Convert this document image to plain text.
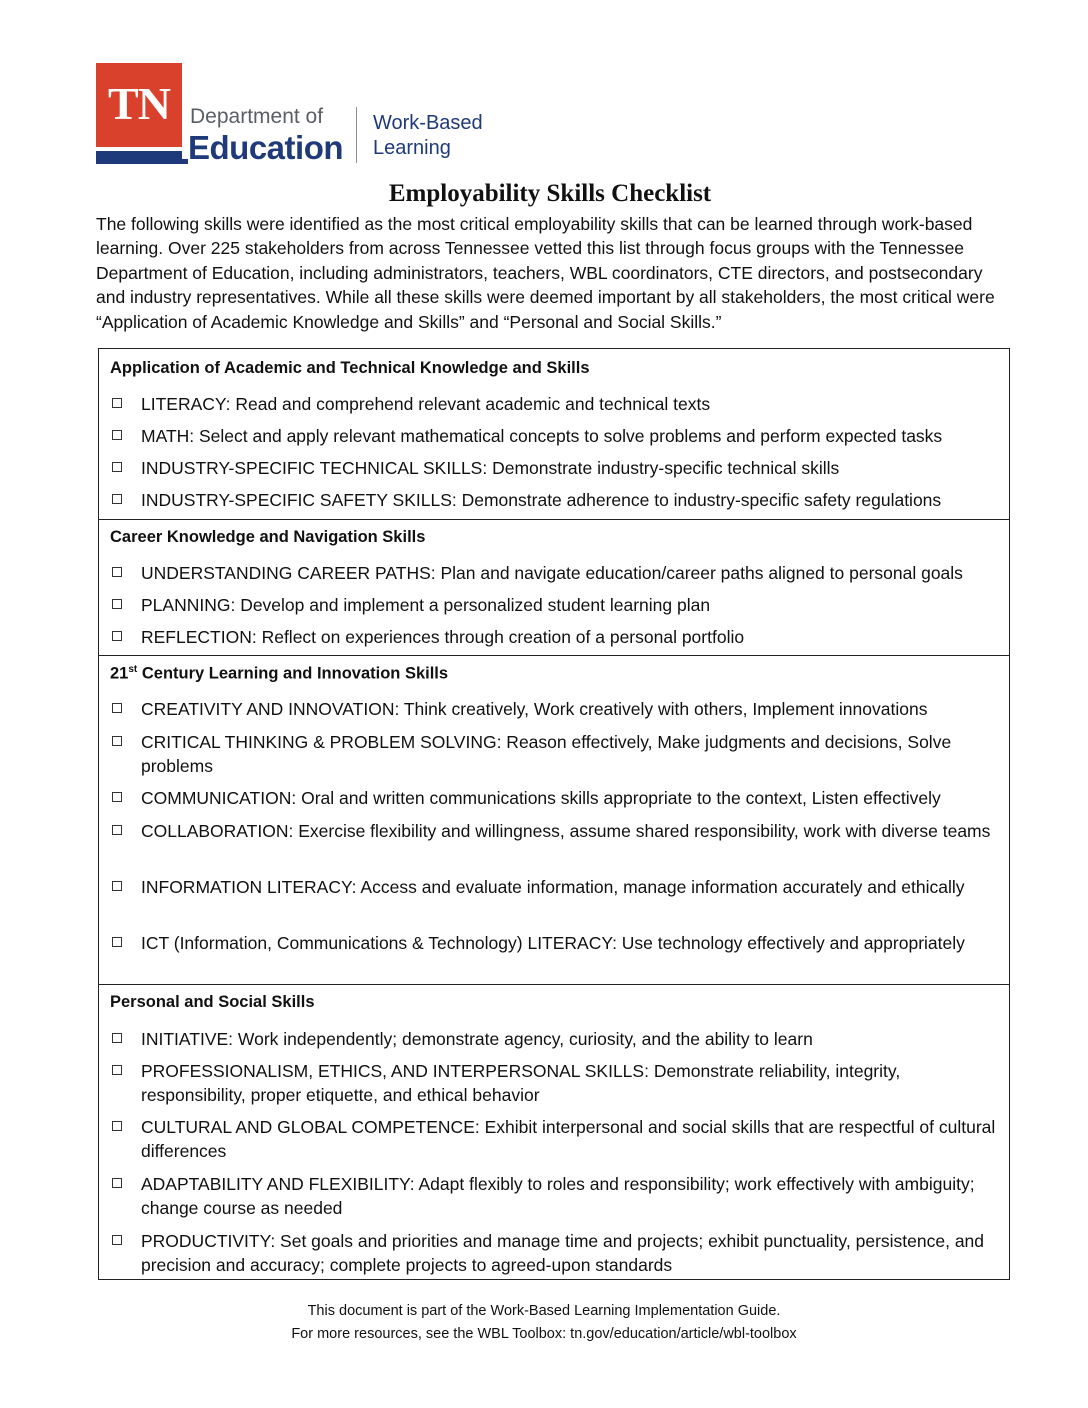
TN Department of
Education
Work-Based
Learning
Employability Skills Checklist
The following skills were identified as the most critical employability skills that can be learned through work-based learning. Over 225 stakeholders from across Tennessee vetted this list through focus groups with the Tennessee Department of Education, including administrators, teachers, WBL coordinators, CTE directors, and postsecondary and industry representatives. While all these skills were deemed important by all stakeholders, the most critical were “Application of Academic Knowledge and Skills” and “Personal and Social Skills.”
Application of Academic and Technical Knowledge and Skills
LITERACY: Read and comprehend relevant academic and technical texts
MATH: Select and apply relevant mathematical concepts to solve problems and perform expected tasks
INDUSTRY-SPECIFIC TECHNICAL SKILLS: Demonstrate industry-specific technical skills
INDUSTRY-SPECIFIC SAFETY SKILLS: Demonstrate adherence to industry-specific safety regulations
Career Knowledge and Navigation Skills
UNDERSTANDING CAREER PATHS: Plan and navigate education/career paths aligned to personal goals
PLANNING: Develop and implement a personalized student learning plan
REFLECTION: Reflect on experiences through creation of a personal portfolio
21st Century Learning and Innovation Skills
CREATIVITY AND INNOVATION: Think creatively, Work creatively with others, Implement innovations
CRITICAL THINKING & PROBLEM SOLVING: Reason effectively, Make judgments and decisions, Solve problems
COMMUNICATION: Oral and written communications skills appropriate to the context, Listen effectively
COLLABORATION: Exercise flexibility and willingness, assume shared responsibility, work with diverse teams
INFORMATION LITERACY: Access and evaluate information, manage information accurately and ethically
ICT (Information, Communications & Technology) LITERACY: Use technology effectively and appropriately
Personal and Social Skills
INITIATIVE: Work independently; demonstrate agency, curiosity, and the ability to learn
PROFESSIONALISM, ETHICS, AND INTERPERSONAL SKILLS: Demonstrate reliability, integrity, responsibility, proper etiquette, and ethical behavior
CULTURAL AND GLOBAL COMPETENCE: Exhibit interpersonal and social skills that are respectful of cultural differences
ADAPTABILITY AND FLEXIBILITY: Adapt flexibly to roles and responsibility; work effectively with ambiguity; change course as needed
PRODUCTIVITY: Set goals and priorities and manage time and projects; exhibit punctuality, persistence, and precision and accuracy; complete projects to agreed-upon standards
This document is part of the Work-Based Learning Implementation Guide.
For more resources, see the WBL Toolbox: tn.gov/education/article/wbl-toolbox
